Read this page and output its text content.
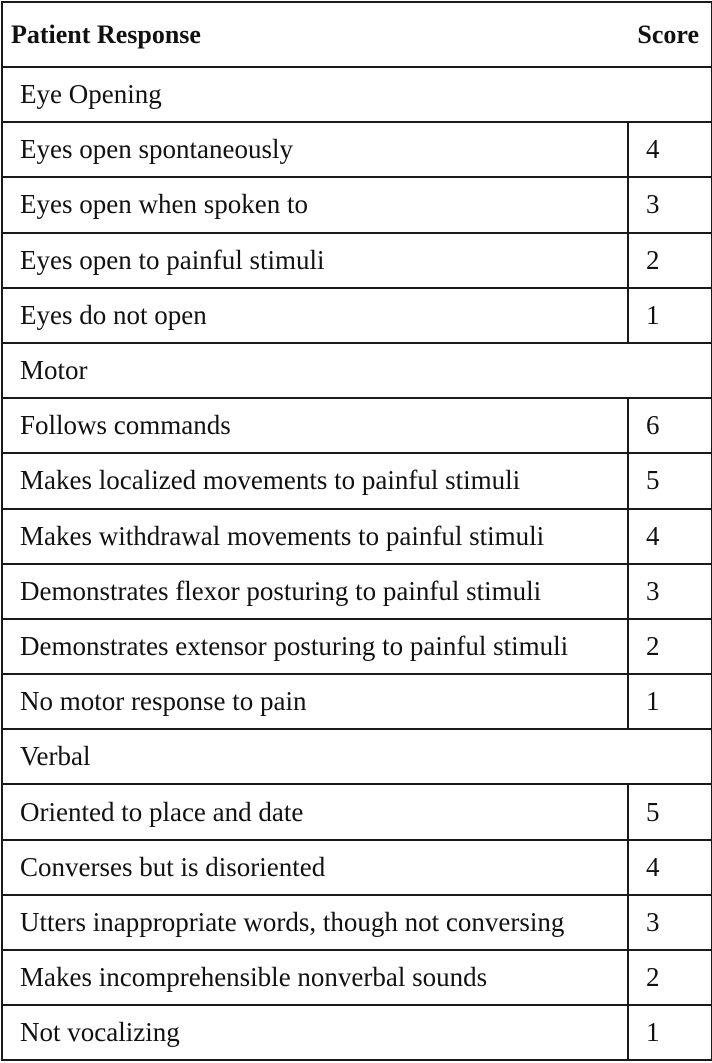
Patient Response	Score
Eye Opening	
Eyes open spontaneously	4
Eyes open when spoken to	3
Eyes open to painful stimuli	2
Eyes do not open	1
Motor	
Follows commands	6
Makes localized movements to painful stimuli	5
Makes withdrawal movements to painful stimuli	4
Demonstrates flexor posturing to painful stimuli	3
Demonstrates extensor posturing to painful stimuli	2
No motor response to pain	1
Verbal	
Oriented to place and date	5
Converses but is disoriented	4
Utters inappropriate words, though not conversing	3
Makes incomprehensible nonverbal sounds	2
Not vocalizing	1
